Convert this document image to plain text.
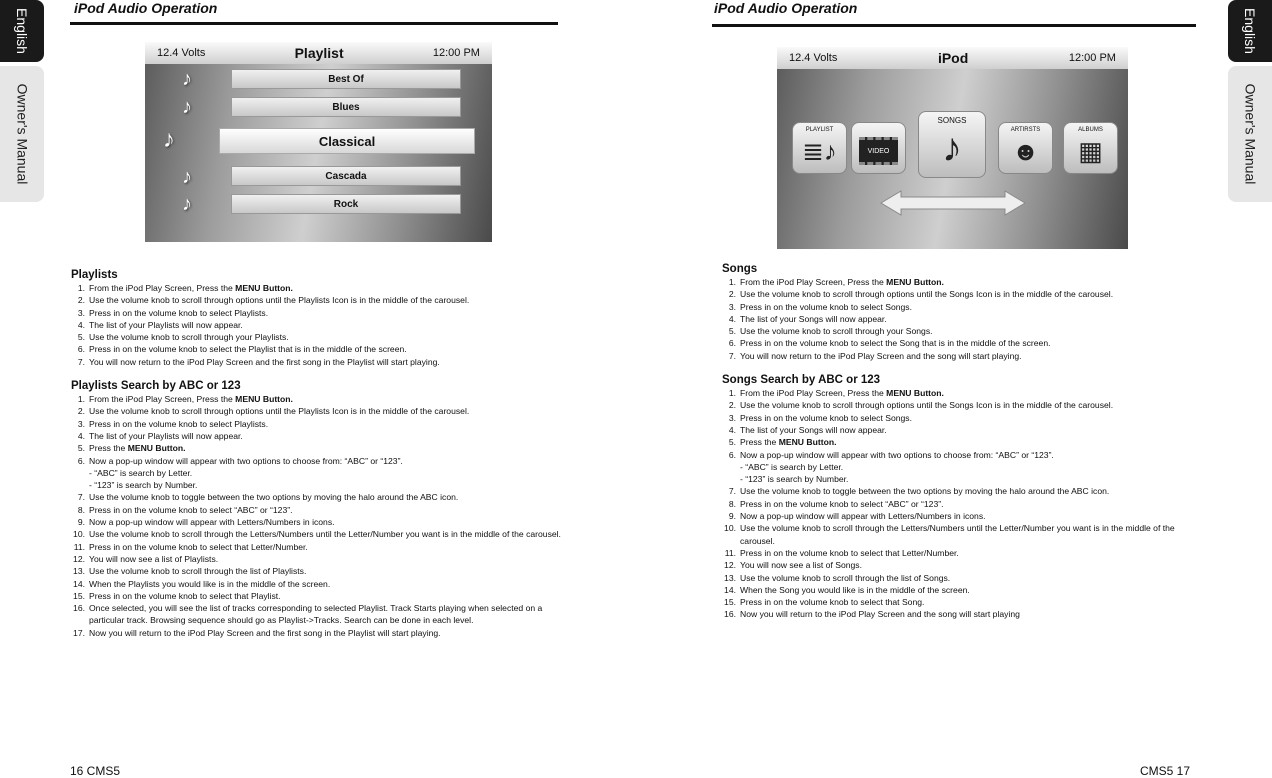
English
Owner's Manual
iPod Audio Operation
12.4 Volts	Playlist	12:00 PM
♪	Best Of
♪	Blues
♪	Classical
♪	Cascada
♪	Rock
Playlists
1. From the iPod Play Screen, Press the MENU Button.
2. Use the volume knob to scroll through options until the Playlists Icon is in the middle of the carousel.
3. Press in on the volume knob to select Playlists.
4. The list of your Playlists will now appear.
5. Use the volume knob to scroll through your Playlists.
6. Press in on the volume knob to select the Playlist that is in the middle of the screen.
7. You will now return to the iPod Play Screen and the first song in the Playlist will start playing.
Playlists Search by ABC or 123
1. From the iPod Play Screen, Press the MENU Button.
2. Use the volume knob to scroll through options until the Playlists Icon is in the middle of the carousel.
3. Press in on the volume knob to select Playlists.
4. The list of your Playlists will now appear.
5. Press the MENU Button.
6. Now a pop-up window will appear with two options to choose from: “ABC” or “123”.
- “ABC” is search by Letter.
- “123” is search by Number.
7. Use the volume knob to toggle between the two options by moving the halo around the ABC icon.
8. Press in on the volume knob to select “ABC” or “123”.
9. Now a pop-up window will appear with Letters/Numbers in icons.
10. Use the volume knob to scroll through the Letters/Numbers until the Letter/Number you want is in the middle of the carousel.
11. Press in on the volume knob to select that Letter/Number.
12. You will now see a list of Playlists.
13. Use the volume knob to scroll through the list of Playlists.
14. When the Playlists you would like is in the middle of the screen.
15. Press in on the volume knob to select that Playlist.
16. Once selected, you will see the list of tracks corresponding to selected Playlist. Track Starts playing when selected on a particular track. Browsing sequence should go as Playlist->Tracks. Search can be done in each level.
17. Now you will return to the iPod Play Screen and the first song in the Playlist will start playing.
16 CMS5
English
Owner's Manual
iPod Audio Operation
12.4 Volts	iPod	12:00 PM
PLAYLIST
≣♪	VIDEO
SONGS
♪	ARTIRSTS
☻
ALBUMS
▦
Songs
1. From the iPod Play Screen, Press the MENU Button.
2. Use the volume knob to scroll through options until the Songs Icon is in the middle of the carousel.
3. Press in on the volume knob to select Songs.
4. The list of your Songs will now appear.
5. Use the volume knob to scroll through your Songs.
6. Press in on the volume knob to select the Song that is in the middle of the screen.
7. You will now return to the iPod Play Screen and the song will start playing.
Songs Search by ABC or 123
1. From the iPod Play Screen, Press the MENU Button.
2. Use the volume knob to scroll through options until the Songs Icon is in the middle of the carousel.
3. Press in on the volume knob to select Songs.
4. The list of your Songs will now appear.
5. Press the MENU Button.
6. Now a pop-up window will appear with two options to choose from: “ABC” or “123”.
- “ABC” is search by Letter.
- “123” is search by Number.
7. Use the volume knob to toggle between the two options by moving the halo around the ABC icon.
8. Press in on the volume knob to select “ABC” or “123”.
9. Now a pop-up window will appear with Letters/Numbers in icons.
10. Use the volume knob to scroll through the Letters/Numbers until the Letter/Number you want is in the middle of the carousel.
11. Press in on the volume knob to select that Letter/Number.
12. You will now see a list of Songs.
13. Use the volume knob to scroll through the list of Songs.
14. When the Song you would like is in the middle of the screen.
15. Press in on the volume knob to select that Song.
16. Now you will return to the iPod Play Screen and the song will start playing
CMS5 17
